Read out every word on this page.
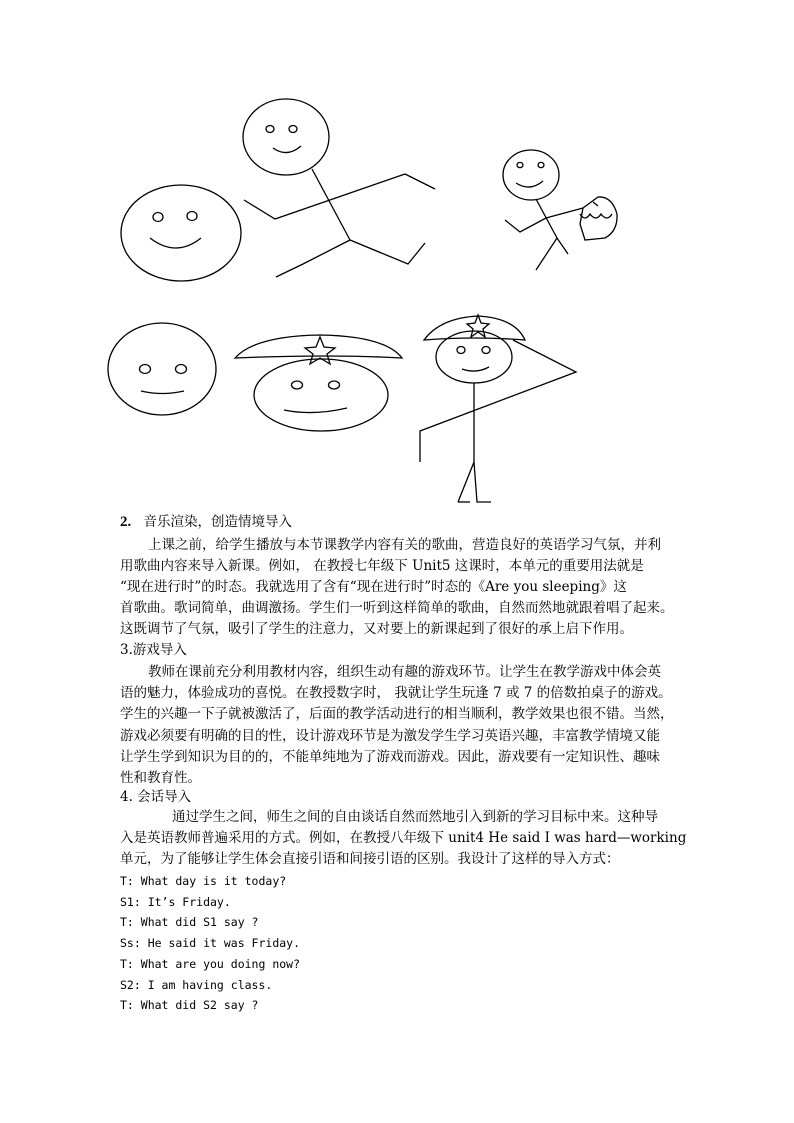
2. 音乐渲染，创造情境导入
上课之前，给学生播放与本节课教学内容有关的歌曲，营造良好的英语学习气氛，并利
用歌曲内容来导入新课。例如， 在教授七年级下 Unit5 这课时，本单元的重要用法就是
“现在进行时”的时态。我就选用了含有“现在进行时”时态的《Are you sleeping》这
首歌曲。歌词简单，曲调激扬。学生们一听到这样简单的歌曲，自然而然地就跟着唱了起来。
这既调节了气氛，吸引了学生的注意力，又对要上的新课起到了很好的承上启下作用。
3.游戏导入
教师在课前充分利用教材内容，组织生动有趣的游戏环节。让学生在教学游戏中体会英
语的魅力，体验成功的喜悦。在教授数字时， 我就让学生玩逢 7 或 7 的倍数拍桌子的游戏。
学生的兴趣一下子就被激活了，后面的教学活动进行的相当顺利，教学效果也很不错。当然，
游戏必须要有明确的目的性，设计游戏环节是为激发学生学习英语兴趣，丰富教学情境又能
让学生学到知识为目的的，不能单纯地为了游戏而游戏。因此，游戏要有一定知识性、趣味
性和教育性。
4. 会话导入
通过学生之间，师生之间的自由谈话自然而然地引入到新的学习目标中来。这种导
入是英语教师普遍采用的方式。例如，在教授八年级下 unit4 He said I was hard—working
单元，为了能够让学生体会直接引语和间接引语的区别。我设计了这样的导入方式：
T: What day is it today?
S1: It’s Friday.
T: What did S1 say ?
Ss: He said it was Friday.
T: What are you doing now?
S2: I am having class.
T: What did S2 say ?
